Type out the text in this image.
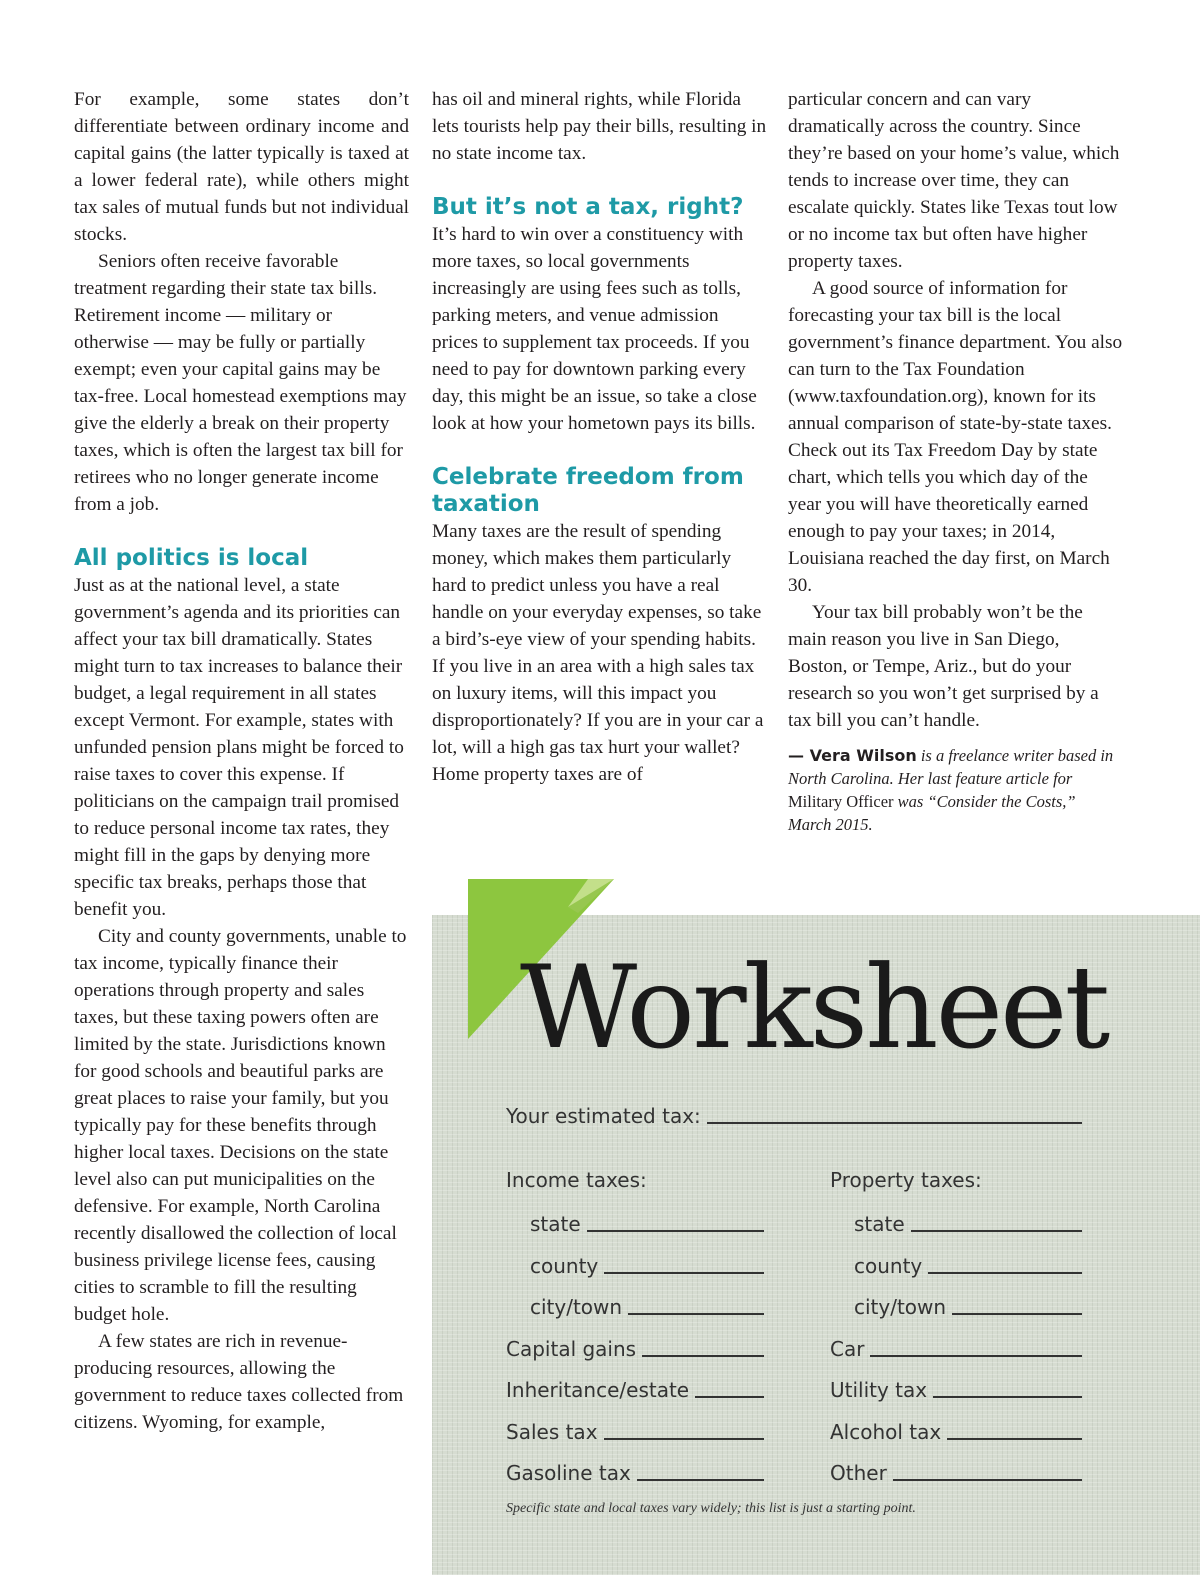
For example, some states don’t differentiate between ordinary income and capital gains (the latter typically is taxed at a lower federal rate), while others might tax sales of mutual funds but not individual stocks.

Seniors often receive favorable treatment regarding their state tax bills. Retirement income — military or otherwise — may be fully or partially exempt; even your capital gains may be tax-free. Local homestead exemptions may give the elderly a break on their property taxes, which is often the largest tax bill for retirees who no longer generate income from a job.

All politics is local

Just as at the national level, a state government’s agenda and its priorities can affect your tax bill dramatically. States might turn to tax increases to balance their budget, a legal requirement in all states except Vermont. For example, states with unfunded pension plans might be forced to raise taxes to cover this expense. If politicians on the campaign trail promised to reduce personal income tax rates, they might fill in the gaps by denying more specific tax breaks, perhaps those that benefit you.

City and county governments, unable to tax income, typically finance their operations through property and sales taxes, but these taxing powers often are limited by the state. Jurisdictions known for good schools and beautiful parks are great places to raise your family, but you typically pay for these benefits through higher local taxes. Decisions on the state level also can put municipalities on the defensive. For example, North Carolina recently disallowed the collection of local business privilege license fees, causing cities to scramble to fill the resulting budget hole.

A few states are rich in revenue-producing resources, allowing the government to reduce taxes collected from citizens. Wyoming, for example,

has oil and mineral rights, while Florida lets tourists help pay their bills, resulting in no state income tax.

But it’s not a tax, right?

It’s hard to win over a constituency with more taxes, so local governments increasingly are using fees such as tolls, parking meters, and venue admission prices to supplement tax proceeds. If you need to pay for downtown parking every day, this might be an issue, so take a close look at how your hometown pays its bills.

Celebrate freedom from taxation

Many taxes are the result of spending money, which makes them particularly hard to predict unless you have a real handle on your everyday expenses, so take a bird’s-eye view of your spending habits. If you live in an area with a high sales tax on luxury items, will this impact you disproportionately? If you are in your car a lot, will a high gas tax hurt your wallet? Home property taxes are of

particular concern and can vary dramatically across the country. Since they’re based on your home’s value, which tends to increase over time, they can escalate quickly. States like Texas tout low or no income tax but often have higher property taxes.

A good source of information for forecasting your tax bill is the local government’s finance department. You also can turn to the Tax Foundation (www.taxfoundation.org), known for its annual comparison of state-by-state taxes. Check out its Tax Freedom Day by state chart, which tells you which day of the year you will have theoretically earned enough to pay your taxes; in 2014, Louisiana reached the day first, on March 30.

Your tax bill probably won’t be the main reason you live in San Diego, Boston, or Tempe, Ariz., but do your research so you won’t get surprised by a tax bill you can’t handle.

— Vera Wilson is a freelance writer based in North Carolina. Her last feature article for Military Officer was “Consider the Costs,” March 2015.

Worksheet
Your estimated tax:
Income taxes:	Property taxes:
state
county
city/town
Capital gains
Inheritance/estate
Sales tax
Gasoline tax
state
county
city/town
Car
Utility tax
Alcohol tax
Other

Specific state and local taxes vary widely; this list is just a starting point.
